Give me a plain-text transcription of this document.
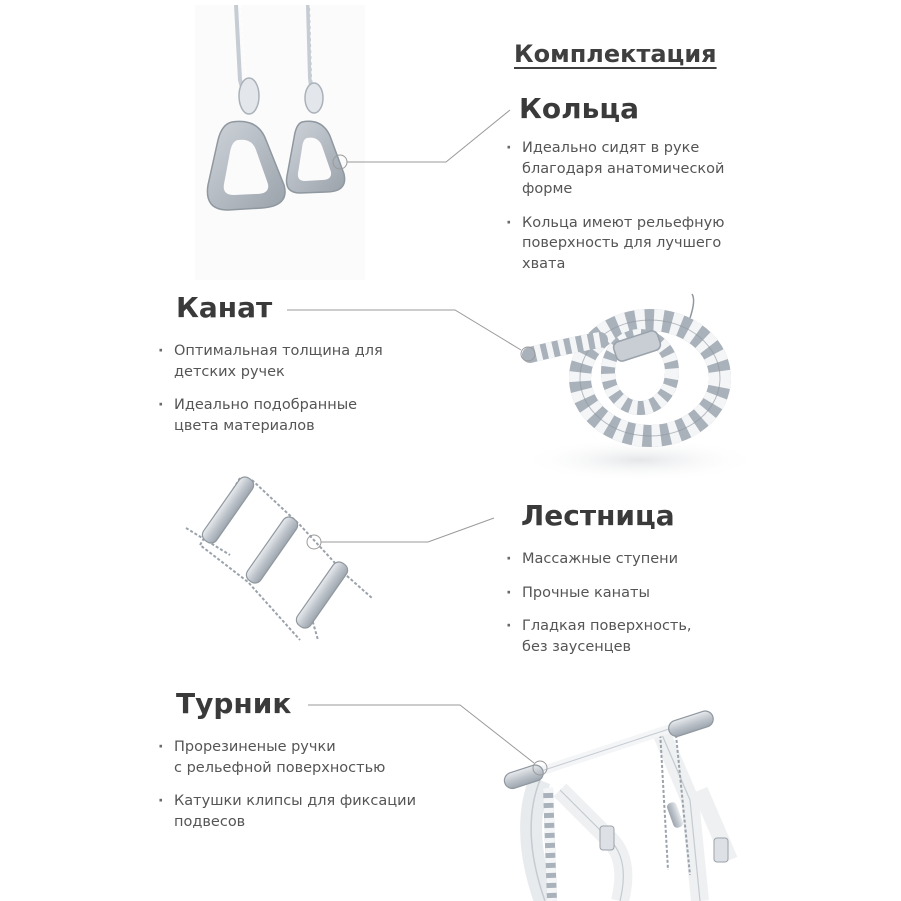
Комплектация
Кольца
· Идеально сидят в руке
благодаря анатомической
форме
· Кольца имеют рельефную
поверхность для лучшего
хвата
Канат
· Оптимальная толщина для
детских ручек
· Идеально подобранные
цвета материалов
Лестница
· Массажные ступени
· Прочные канаты
· Гладкая поверхность,
без заусенцев
Турник
· Прорезиненые ручки
с рельефной поверхностью
· Катушки клипсы для фиксации
подвесов
